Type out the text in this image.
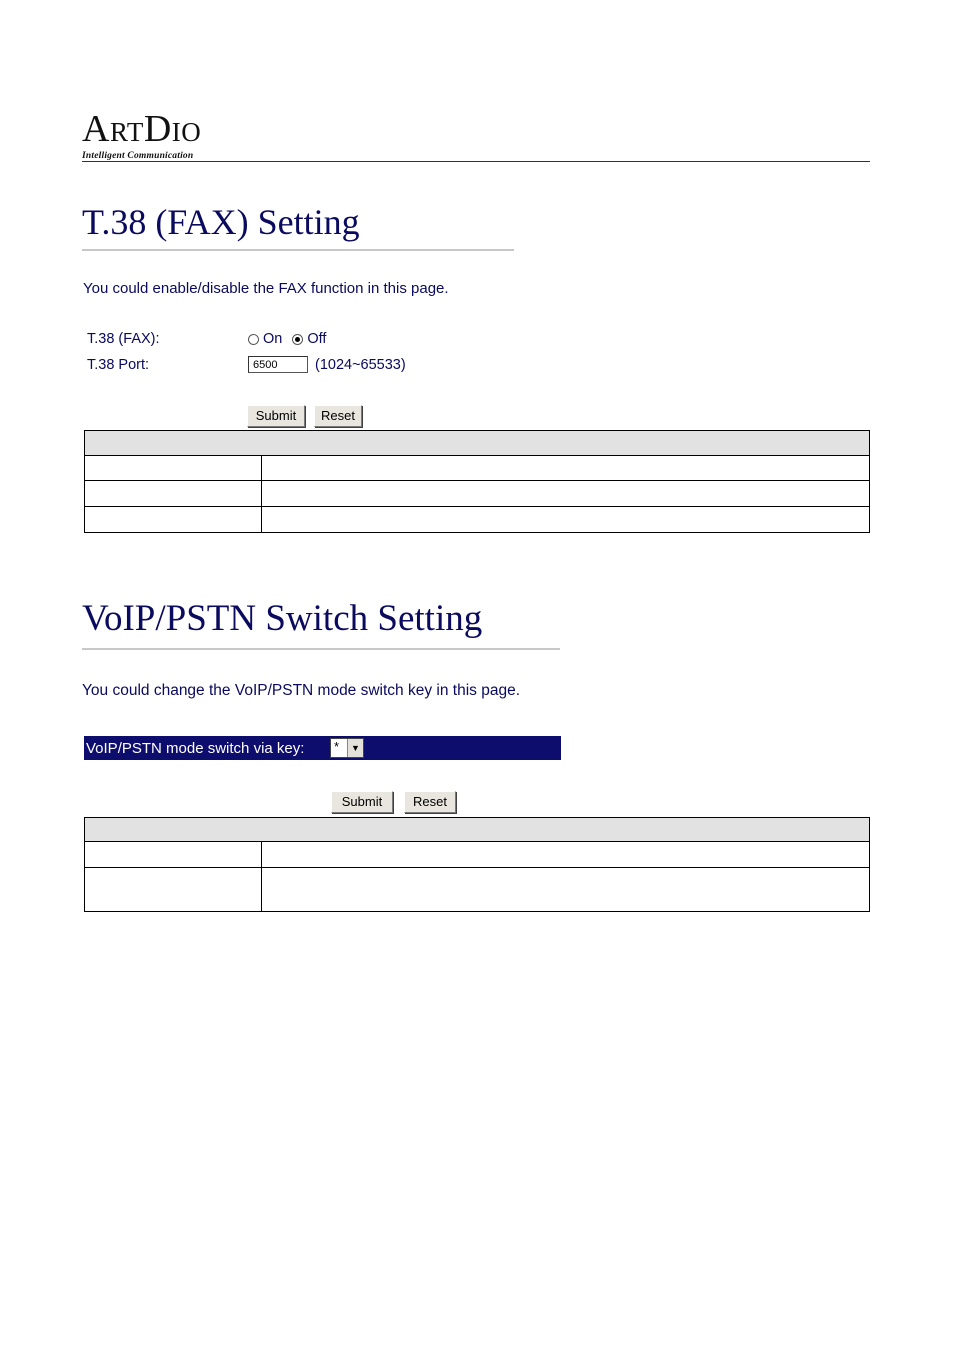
ARTDIO
Intelligent Communication
T.38 (FAX) Setting
You could enable/disable the FAX function in this page.
T.38 (FAX):	On Off
T.38 Port:	6500	(1024~65533)
Submit	Reset

VoIP/PSTN Switch Setting
You could change the VoIP/PSTN mode switch key in this page.
VoIP/PSTN mode switch via key: *	▼
Submit	Reset
